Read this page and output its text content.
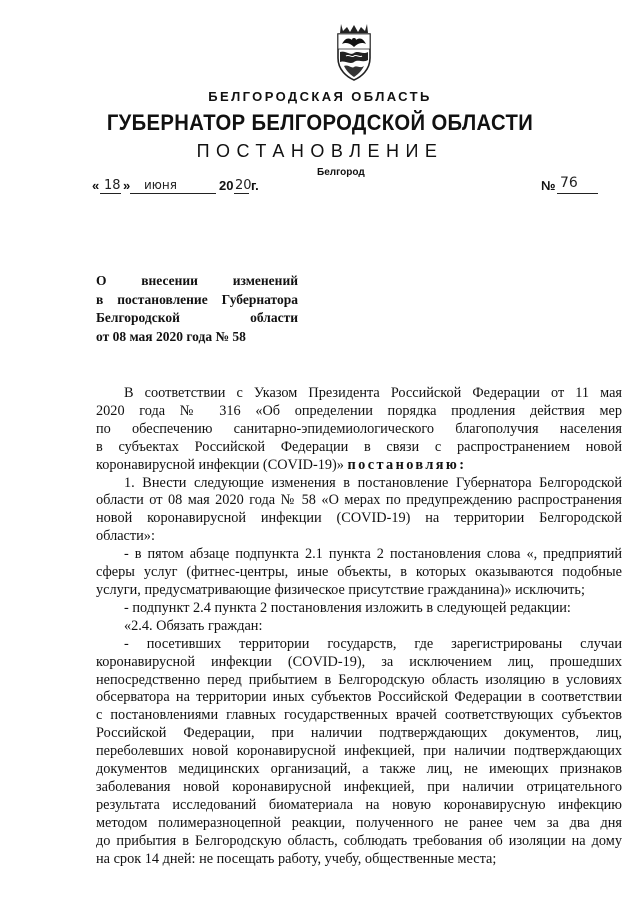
БЕЛГОРОДСКАЯ ОБЛАСТЬ
ГУБЕРНАТОР БЕЛГОРОДСКОЙ ОБЛАСТИ
ПОСТАНОВЛЕНИЕ
Белгород
« 18 » июня	20 20 г.	№ 76
О внесении изменений
в постановление Губернатора
Белгородской области
от 08 мая 2020 года № 58
В соответствии с Указом Президента Российской Федерации от 11 мая
2020 года № 316 «Об определении порядка продления действия мер
по обеспечению санитарно-эпидемиологического благополучия населения
в субъектах Российской Федерации в связи с распространением новой
коронавирусной инфекции (COVID-19)» постановляю:
1. Внести следующие изменения в постановление Губернатора Белгородской
области от 08 мая 2020 года № 58 «О мерах по предупреждению распространения
новой коронавирусной инфекции (COVID-19) на территории Белгородской
области»:
- в пятом абзаце подпункта 2.1 пункта 2 постановления слова «, предприятий
сферы услуг (фитнес-центры, иные объекты, в которых оказываются подобные
услуги, предусматривающие физическое присутствие гражданина)» исключить;
- подпункт 2.4 пункта 2 постановления изложить в следующей редакции:
«2.4. Обязать граждан:
- посетивших территории государств, где зарегистрированы случаи
коронавирусной инфекции (COVID-19), за исключением лиц, прошедших
непосредственно перед прибытием в Белгородскую область изоляцию в условиях
обсерватора на территории иных субъектов Российской Федерации в соответствии
с постановлениями главных государственных врачей соответствующих субъектов
Российской Федерации, при наличии подтверждающих документов, лиц,
переболевших новой коронавирусной инфекцией, при наличии подтверждающих
документов медицинских организаций, а также лиц, не имеющих признаков
заболевания новой коронавирусной инфекцией, при наличии отрицательного
результата исследований биоматериала на новую коронавирусную инфекцию
методом полимеразноцепной реакции, полученного не ранее чем за два дня
до прибытия в Белгородскую область, соблюдать требования об изоляции на дому
на срок 14 дней: не посещать работу, учебу, общественные места;
